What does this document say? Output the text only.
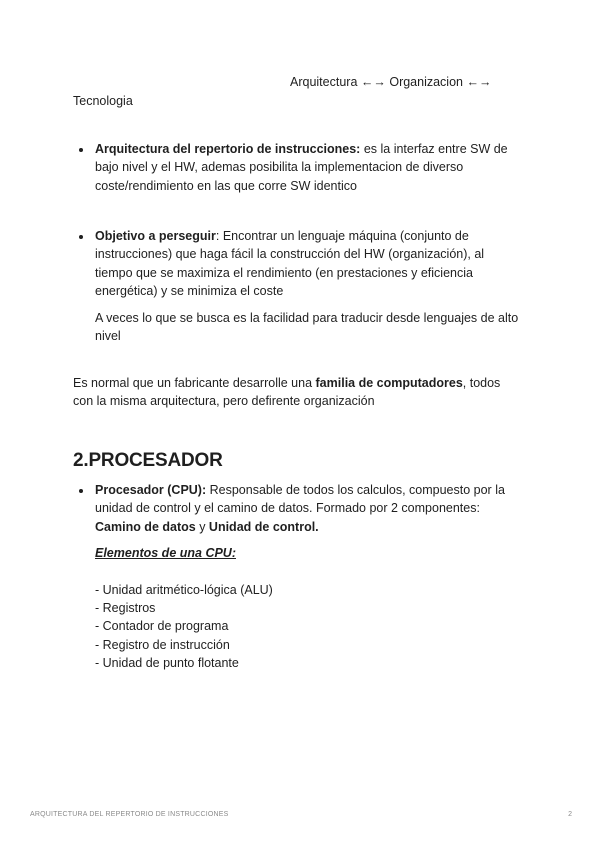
Arquitectura ←→ Organizacion ←→
Tecnologia
Arquitectura del repertorio de instrucciones: es la interfaz entre SW de bajo nivel y el HW, ademas posibilita la implementacion de diverso coste/rendimiento en las que corre SW identico
Objetivo a perseguir: Encontrar un lenguaje máquina (conjunto de instrucciones) que haga fácil la construcción del HW (organización), al tiempo que se maximiza el rendimiento (en prestaciones y eficiencia energética) y se minimiza el coste
A veces lo que se busca es la facilidad para traducir desde lenguajes de alto nivel
Es normal que un fabricante desarrolle una familia de computadores, todos con la misma arquitectura, pero defirente organización
2.PROCESADOR
Procesador (CPU): Responsable de todos los calculos, compuesto por la unidad de control y el camino de datos. Formado por 2 componentes: Camino de datos y Unidad de control.
Elementos de una CPU:
- Unidad aritmético-lógica (ALU)
- Registros
- Contador de programa
- Registro de instrucción
- Unidad de punto flotante
ARQUITECTURA DEL REPERTORIO DE INSTRUCCIONES	2
